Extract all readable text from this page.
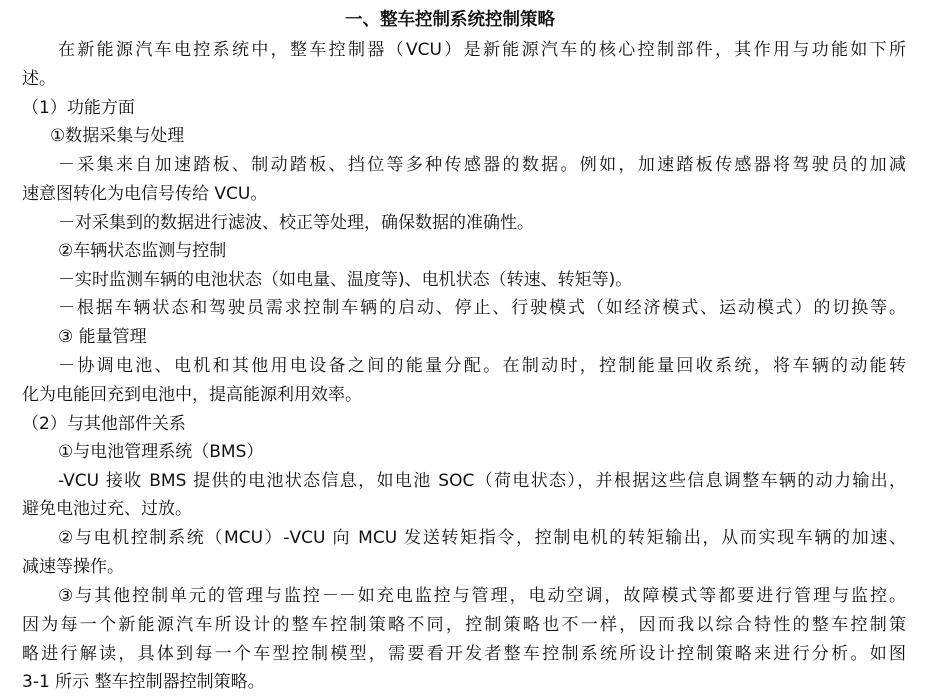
一、整车控制系统控制策略
在新能源汽车电控系统中，整车控制器（VCU）是新能源汽车的核心控制部件，其作用与功能如下所
述。
（1）功能方面
①数据采集与处理
－采集来自加速踏板、制动踏板、挡位等多种传感器的数据。例如，加速踏板传感器将驾驶员的加减
速意图转化为电信号传给 VCU。
－对采集到的数据进行滤波、校正等处理，确保数据的准确性。
②车辆状态监测与控制
－实时监测车辆的电池状态（如电量、温度等)、电机状态（转速、转矩等)。
－根据车辆状态和驾驶员需求控制车辆的启动、停止、行驶模式（如经济模式、运动模式）的切换等。
③ 能量管理
－协调电池、电机和其他用电设备之间的能量分配。在制动时，控制能量回收系统，将车辆的动能转
化为电能回充到电池中，提高能源利用效率。
（2）与其他部件关系
①与电池管理系统（BMS）
-VCU 接收 BMS 提供的电池状态信息，如电池 SOC（荷电状态），并根据这些信息调整车辆的动力输出，
避免电池过充、过放。
②与电机控制系统（MCU）-VCU 向 MCU 发送转矩指令，控制电机的转矩输出，从而实现车辆的加速、
减速等操作。
③与其他控制单元的管理与监控－－如充电监控与管理，电动空调，故障模式等都要进行管理与监控。
因为每一个新能源汽车所设计的整车控制策略不同，控制策略也不一样，因而我以综合特性的整车控制策
略进行解读，具体到每一个车型控制模型，需要看开发者整车控制系统所设计控制策略来进行分析。如图
3-1 所示 整车控制器控制策略。
